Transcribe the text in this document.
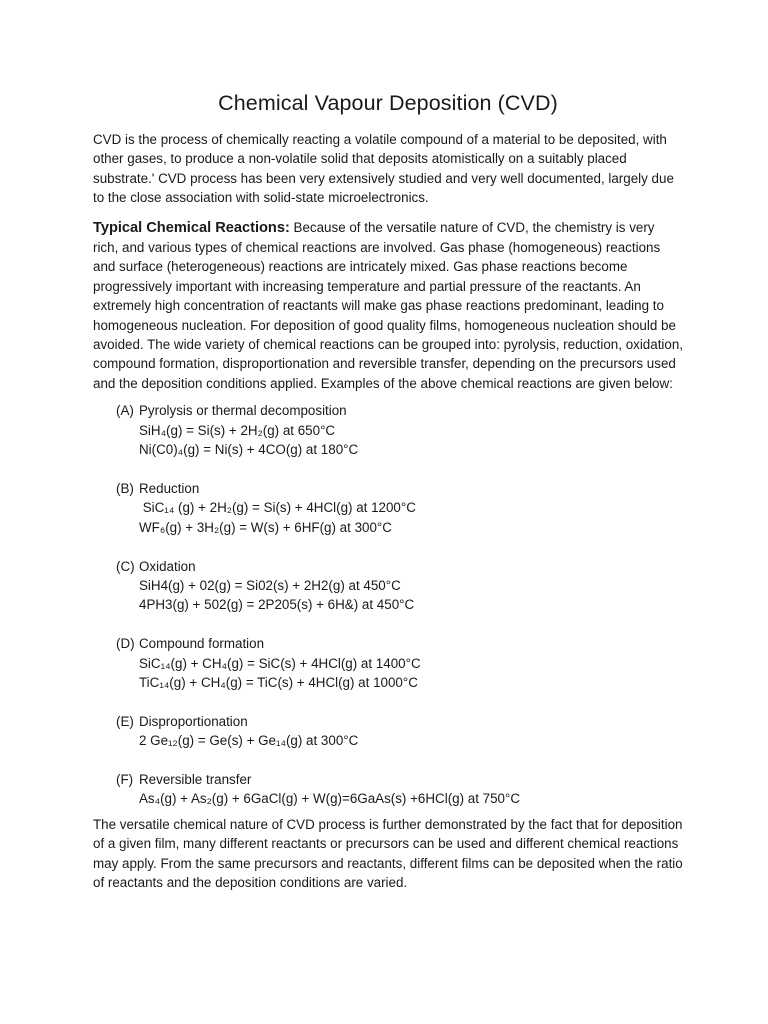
Chemical Vapour Deposition (CVD)

CVD is the process of chemically reacting a volatile compound of a material to be deposited, with other gases, to produce a non-volatile solid that deposits atomistically on a suitably placed substrate.' CVD process has been very extensively studied and very well documented, largely due to the close association with solid-state microelectronics.

Typical Chemical Reactions: Because of the versatile nature of CVD, the chemistry is very rich, and various types of chemical reactions are involved. Gas phase (homogeneous) reactions and surface (heterogeneous) reactions are intricately mixed. Gas phase reactions become progressively important with increasing temperature and partial pressure of the reactants. An extremely high concentration of reactants will make gas phase reactions predominant, leading to homogeneous nucleation. For deposition of good quality films, homogeneous nucleation should be avoided. The wide variety of chemical reactions can be grouped into: pyrolysis, reduction, oxidation, compound formation, disproportionation and reversible transfer, depending on the precursors used and the deposition conditions applied. Examples of the above chemical reactions are given below:

(A) Pyrolysis or thermal decomposition
SiH₄(g) = Si(s) + 2H₂(g) at 650°C
Ni(C0)₄(g) = Ni(s) + 4CO(g) at 180°C
(B) Reduction
SiC₁₄ (g) + 2H₂(g) = Si(s) + 4HCl(g) at 1200°C
WF₆(g) + 3H₂(g) = W(s) + 6HF(g) at 300°C
(C) Oxidation
SiH4(g) + 02(g) = Si02(s) + 2H2(g) at 450°C
4PH3(g) + 502(g) = 2P205(s) + 6H&) at 450°C
(D) Compound formation
SiC₁₄(g) + CH₄(g) = SiC(s) + 4HCl(g) at 1400°C
TiC₁₄(g) + CH₄(g) = TiC(s) + 4HCl(g) at 1000°C
(E) Disproportionation
2 Ge₁₂(g) = Ge(s) + Ge₁₄(g) at 300°C
(F) Reversible transfer
As₄(g) + As₂(g) + 6GaCl(g) + W(g)=6GaAs(s) +6HCl(g) at 750°C

The versatile chemical nature of CVD process is further demonstrated by the fact that for deposition of a given film, many different reactants or precursors can be used and different chemical reactions may apply. From the same precursors and reactants, different films can be deposited when the ratio of reactants and the deposition conditions are varied.
